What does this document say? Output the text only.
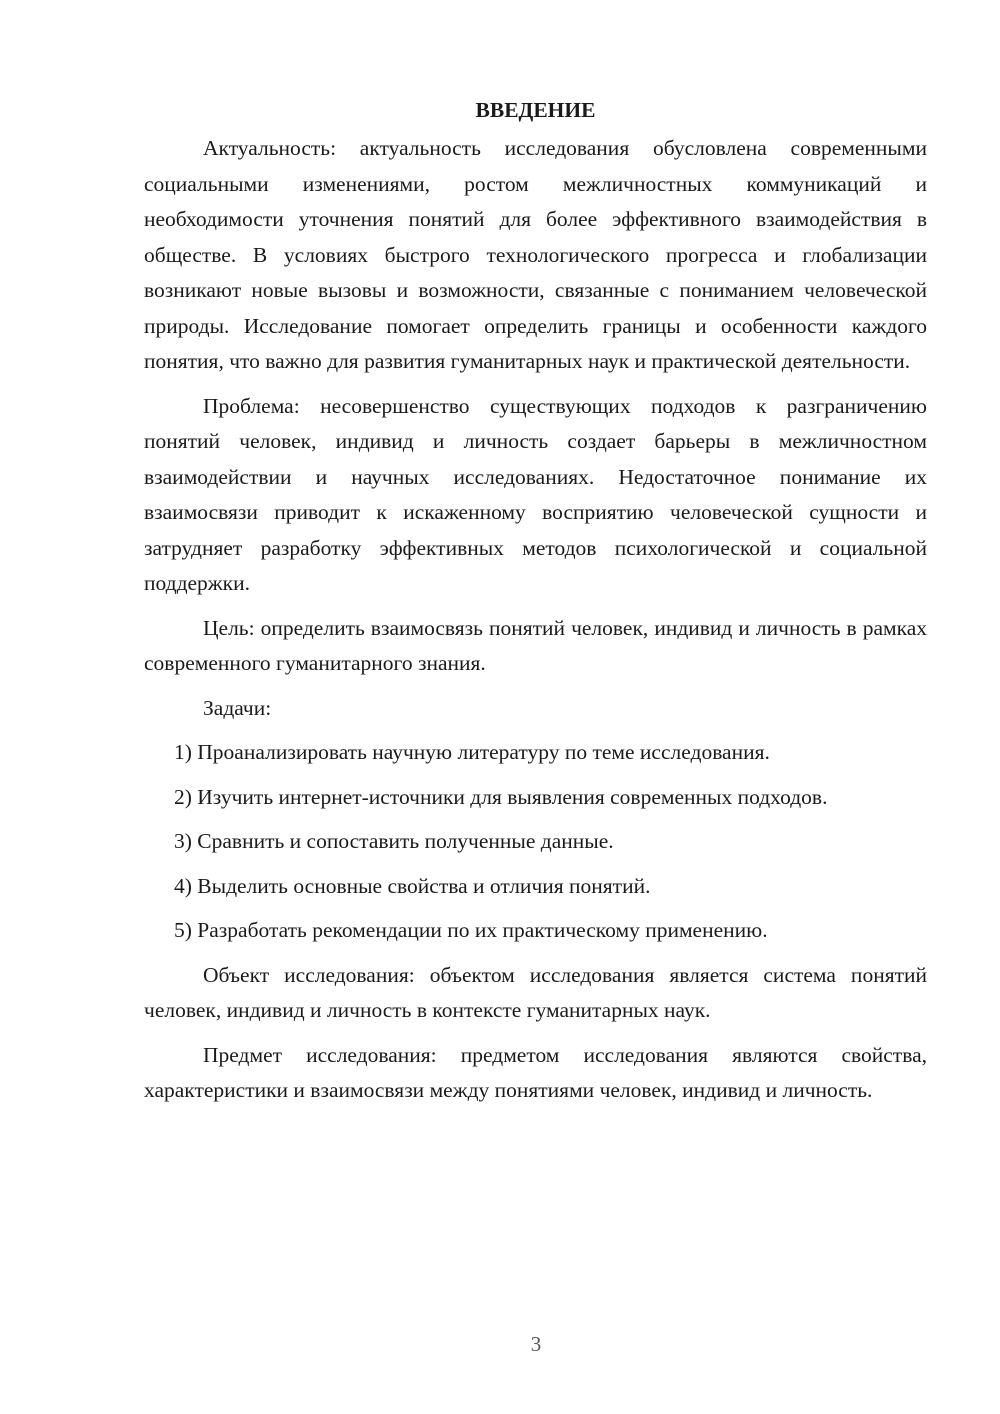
ВВЕДЕНИЕ

Актуальность: актуальность исследования обусловлена современными социальными изменениями, ростом межличностных коммуникаций и необходимости уточнения понятий для более эффективного взаимодействия в обществе. В условиях быстрого технологического прогресса и глобализации возникают новые вызовы и возможности, связанные с пониманием человеческой природы. Исследование помогает определить границы и особенности каждого понятия, что важно для развития гуманитарных наук и практической деятельности.

Проблема: несовершенство существующих подходов к разграничению понятий человек, индивид и личность создает барьеры в межличностном взаимодействии и научных исследованиях. Недостаточное понимание их взаимосвязи приводит к искаженному восприятию человеческой сущности и затрудняет разработку эффективных методов психологической и социальной поддержки.

Цель: определить взаимосвязь понятий человек, индивид и личность в рамках современного гуманитарного знания.

Задачи:

1) Проанализировать научную литературу по теме исследования.

2) Изучить интернет-источники для выявления современных подходов.

3) Сравнить и сопоставить полученные данные.

4) Выделить основные свойства и отличия понятий.

5) Разработать рекомендации по их практическому применению.

Объект исследования: объектом исследования является система понятий человек, индивид и личность в контексте гуманитарных наук.

Предмет исследования: предметом исследования являются свойства, характеристики и взаимосвязи между понятиями человек, индивид и личность.

3
